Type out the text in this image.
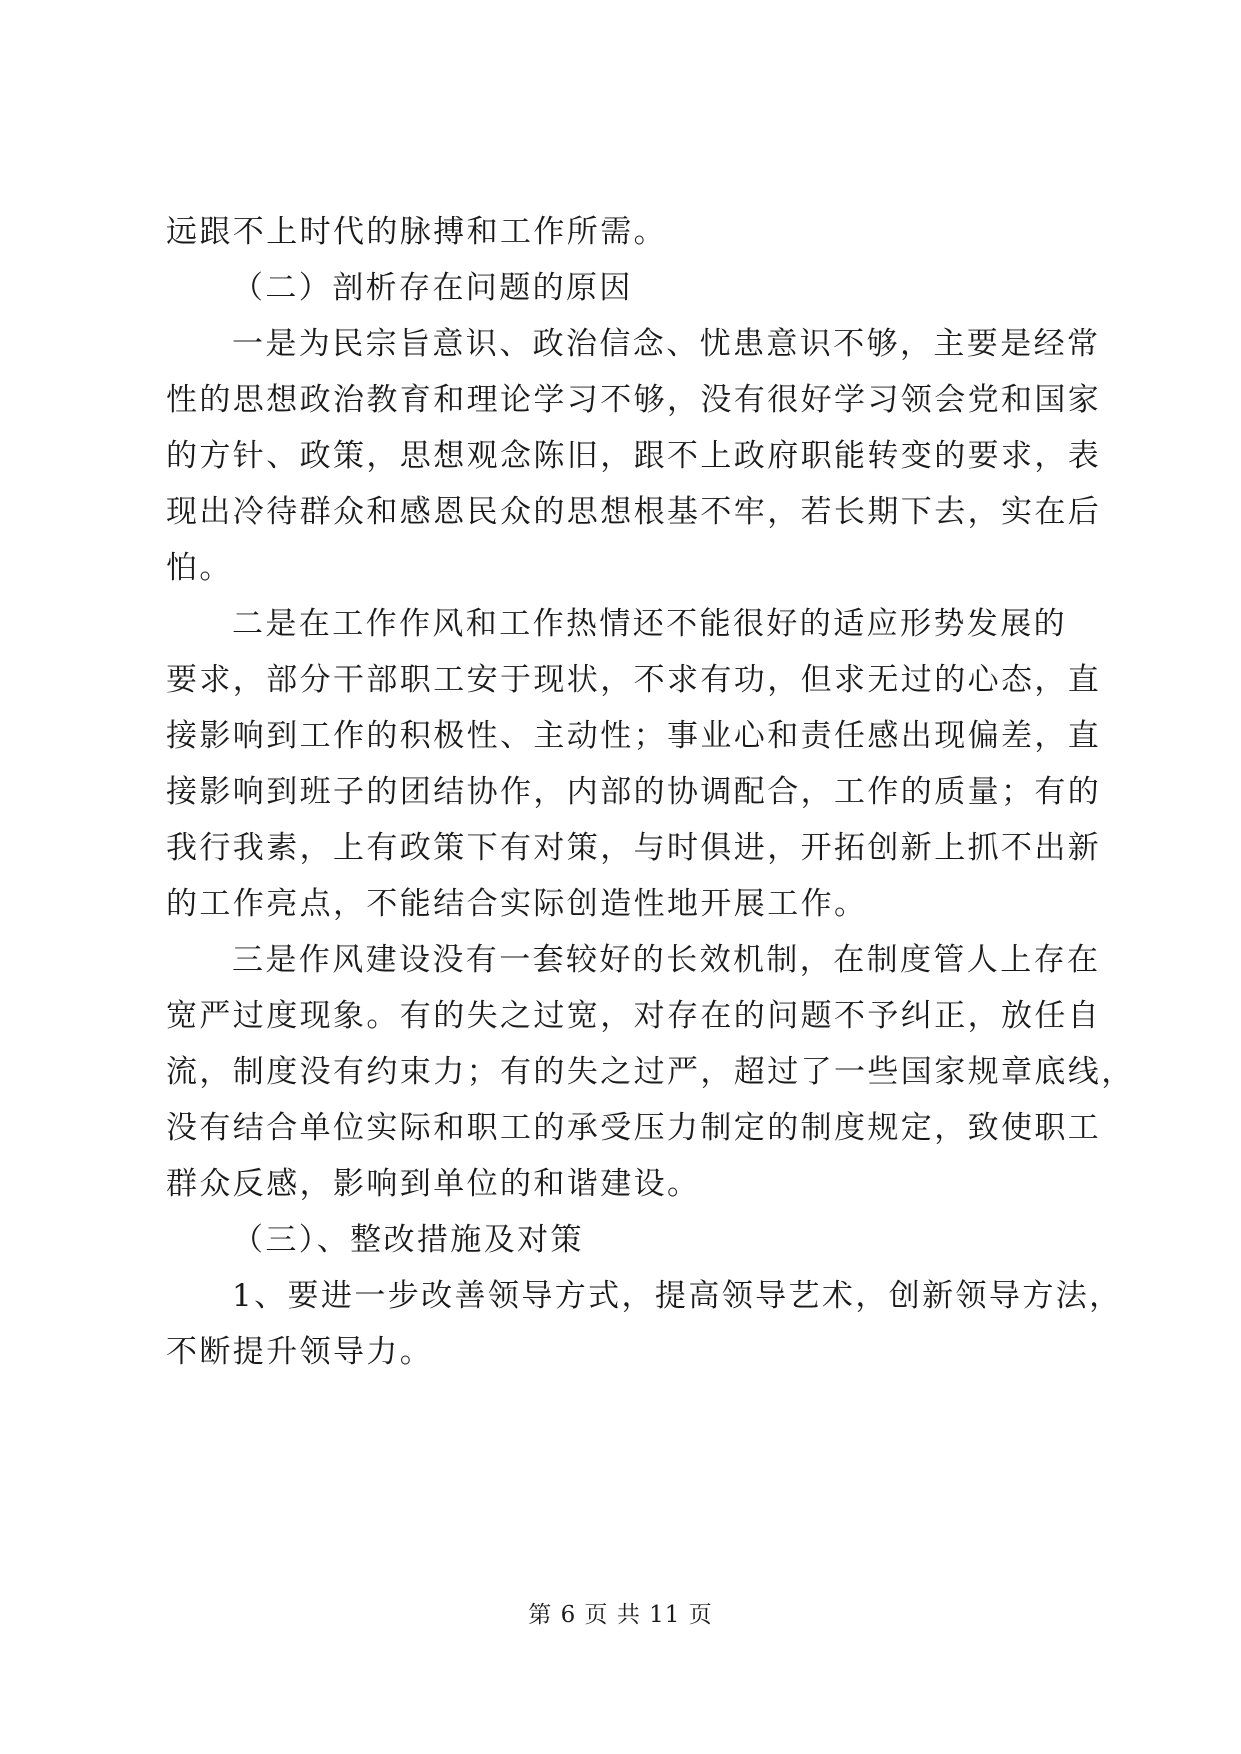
远跟不上时代的脉搏和工作所需。
（二）剖析存在问题的原因
一是为民宗旨意识、政治信念、忧患意识不够，主要是经常
性的思想政治教育和理论学习不够，没有很好学习领会党和国家
的方针、政策，思想观念陈旧，跟不上政府职能转变的要求，表
现出冷待群众和感恩民众的思想根基不牢，若长期下去，实在后
怕。
二是在工作作风和工作热情还不能很好的适应形势发展的
要求，部分干部职工安于现状，不求有功，但求无过的心态，直
接影响到工作的积极性、主动性；事业心和责任感出现偏差，直
接影响到班子的团结协作，内部的协调配合，工作的质量；有的
我行我素，上有政策下有对策，与时俱进，开拓创新上抓不出新
的工作亮点，不能结合实际创造性地开展工作。
三是作风建设没有一套较好的长效机制，在制度管人上存在
宽严过度现象。有的失之过宽，对存在的问题不予纠正，放任自
流，制度没有约束力；有的失之过严，超过了一些国家规章底线，
没有结合单位实际和职工的承受压力制定的制度规定，致使职工
群众反感，影响到单位的和谐建设。
（三）、整改措施及对策
1、要进一步改善领导方式，提高领导艺术，创新领导方法，
不断提升领导力。
第 6 页 共 11 页
